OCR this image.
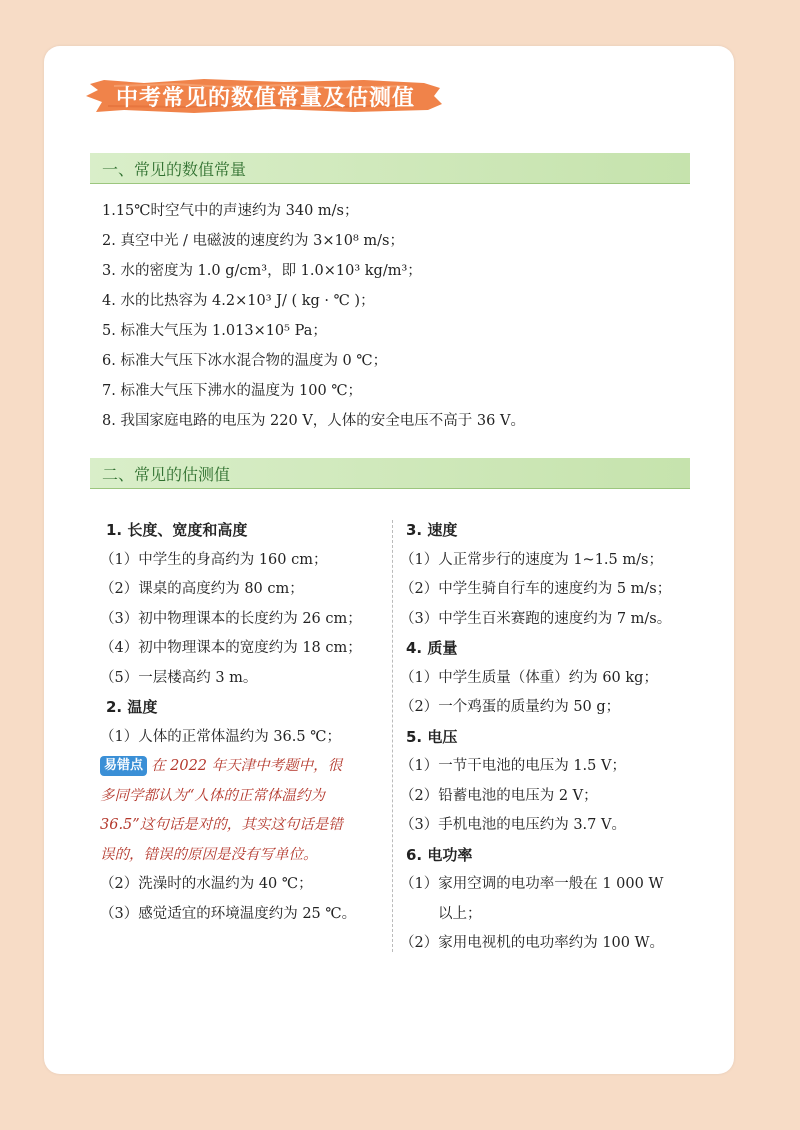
中考常见的数值常量及估测值
一、常见的数值常量
1.15℃时空气中的声速约为 340 m/s；
2. 真空中光 / 电磁波的速度约为 3×10⁸ m/s；
3. 水的密度为 1.0 g/cm³，即 1.0×10³ kg/m³；
4. 水的比热容为 4.2×10³ J/ ( kg · ℃ )；
5. 标准大气压为 1.013×10⁵ Pa；
6. 标准大气压下冰水混合物的温度为 0 ℃；
7. 标准大气压下沸水的温度为 100 ℃；
8. 我国家庭电路的电压为 220 V，人体的安全电压不高于 36 V。
二、常见的估测值
1. 长度、宽度和高度
（1）中学生的身高约为 160 cm；
（2）课桌的高度约为 80 cm；
（3）初中物理课本的长度约为 26 cm；
（4）初中物理课本的宽度约为 18 cm；
（5）一层楼高约 3 m。
2. 温度
（1）人体的正常体温约为 36.5 ℃；
易错点 在 2022 年天津中考题中，很
多同学都认为“人体的正常体温约为
36.5”这句话是对的，其实这句话是错
误的，错误的原因是没有写单位。
（2）洗澡时的水温约为 40 ℃；
（3）感觉适宜的环境温度约为 25 ℃。
3. 速度
（1）人正常步行的速度为 1~1.5 m/s；
（2）中学生骑自行车的速度约为 5 m/s；
（3）中学生百米赛跑的速度约为 7 m/s。
4. 质量
（1）中学生质量（体重）约为 60 kg；
（2）一个鸡蛋的质量约为 50 g；
5. 电压
（1）一节干电池的电压为 1.5 V；
（2）铅蓄电池的电压为 2 V；
（3）手机电池的电压约为 3.7 V。
6. 电功率
（1）家用空调的电功率一般在 1 000 W
以上；
（2）家用电视机的电功率约为 100 W。
